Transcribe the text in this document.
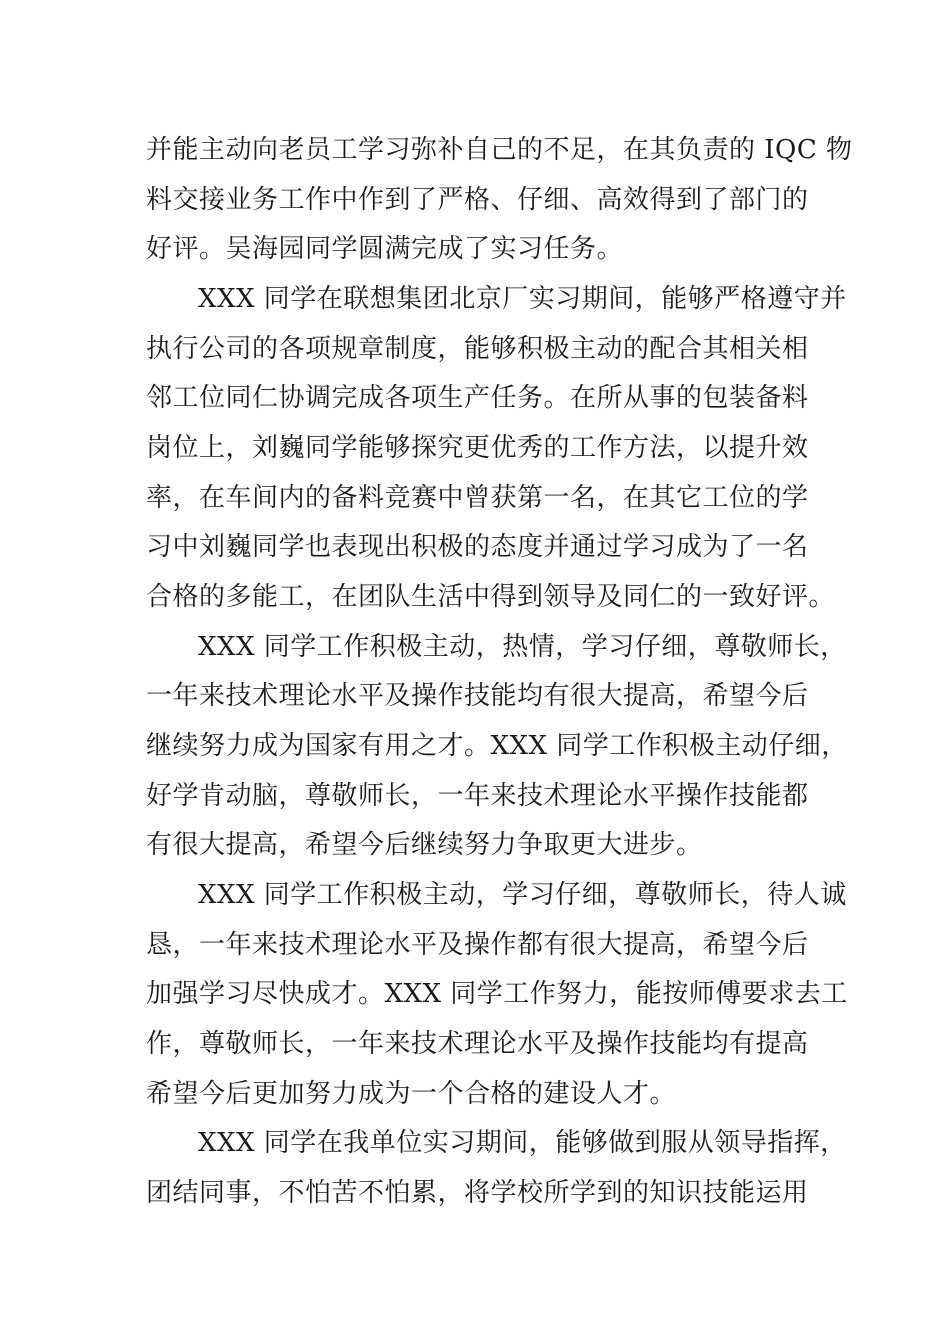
并能主动向老员工学习弥补自己的不足，在其负责的 IQC 物
料交接业务工作中作到了严格、仔细、高效得到了部门的
好评。吴海园同学圆满完成了实习任务。
XXX 同学在联想集团北京厂实习期间，能够严格遵守并
执行公司的各项规章制度，能够积极主动的配合其相关相
邻工位同仁协调完成各项生产任务。在所从事的包装备料
岗位上，刘巍同学能够探究更优秀的工作方法，以提升效
率，在车间内的备料竞赛中曾获第一名，在其它工位的学
习中刘巍同学也表现出积极的态度并通过学习成为了一名
合格的多能工，在团队生活中得到领导及同仁的一致好评。
XXX 同学工作积极主动，热情，学习仔细，尊敬师长，
一年来技术理论水平及操作技能均有很大提高，希望今后
继续努力成为国家有用之才。XXX 同学工作积极主动仔细，
好学肯动脑，尊敬师长，一年来技术理论水平操作技能都
有很大提高，希望今后继续努力争取更大进步。
XXX 同学工作积极主动，学习仔细，尊敬师长，待人诚
恳，一年来技术理论水平及操作都有很大提高，希望今后
加强学习尽快成才。XXX 同学工作努力，能按师傅要求去工
作，尊敬师长，一年来技术理论水平及操作技能均有提高
希望今后更加努力成为一个合格的建设人才。
XXX 同学在我单位实习期间，能够做到服从领导指挥，
团结同事，不怕苦不怕累，将学校所学到的知识技能运用
